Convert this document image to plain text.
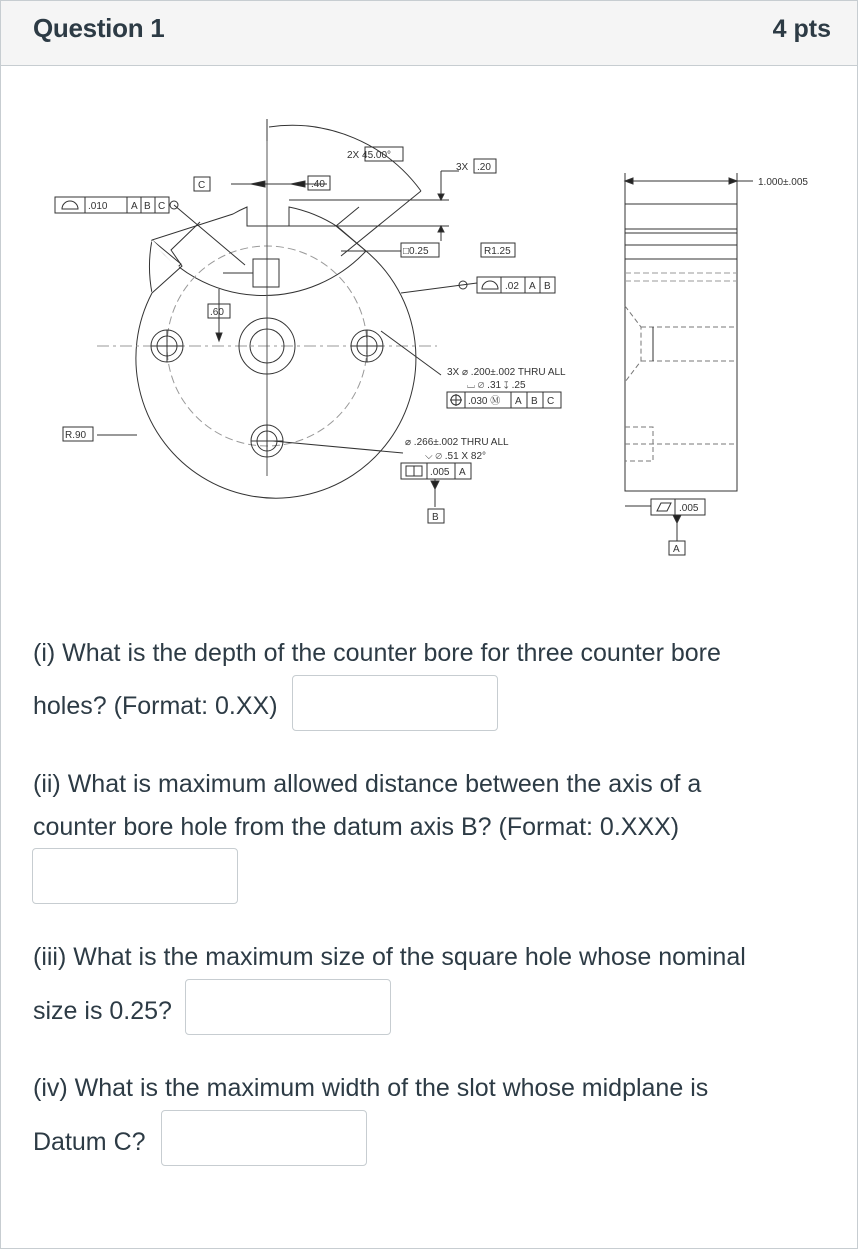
Question 1	4 pts
2X 45.00°
3X .20
C	.40
.010 A B C
□0.25	R1.25
.02 A B
.60
3X ⌀ .200±.002 THRU ALL
⌴ ⌀ .31 ↧ .25
.030 Ⓜ A B C
⌀ .266±.002 THRU ALL
⌵ ⌀ .51 X 82°
.005 A
B
R.90
1.000±.005
.005
A
(i) What is the depth of the counter bore for three counter bore
holes? (Format: 0.XX)
(ii) What is maximum allowed distance between the axis of a
counter bore hole from the datum axis B? (Format: 0.XXX)
(iii) What is the maximum size of the square hole whose nominal
size is 0.25?
(iv) What is the maximum width of the slot whose midplane is
Datum C?
